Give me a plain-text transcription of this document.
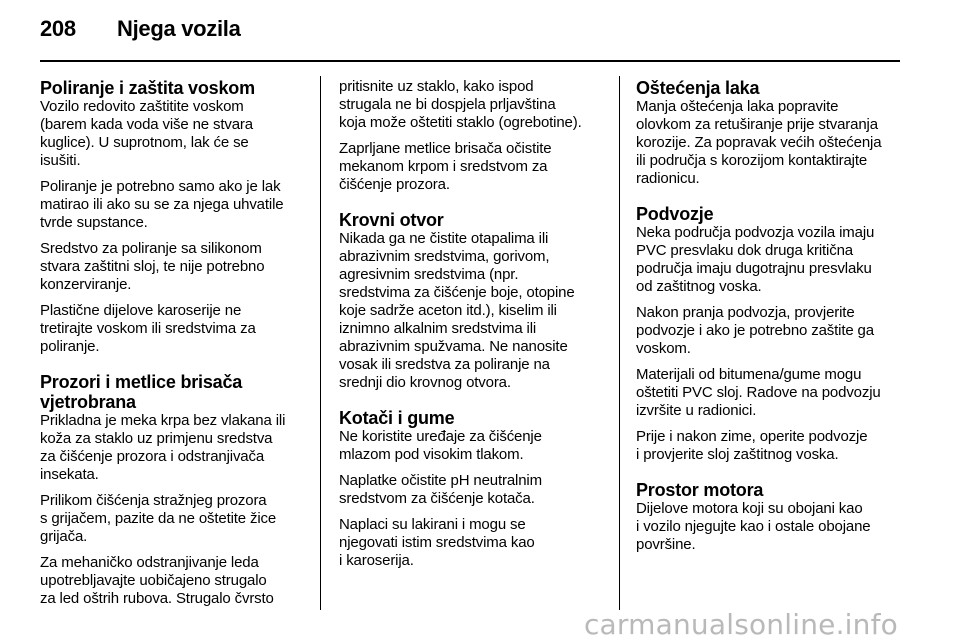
208 Njega vozila
Poliranje i zaštita voskom

Vozilo redovito zaštitite voskom
(barem kada voda više ne stvara
kuglice). U suprotnom, lak će se
isušiti.

Poliranje je potrebno samo ako je lak
matirao ili ako su se za njega uhvatile
tvrde supstance.

Sredstvo za poliranje sa silikonom
stvara zaštitni sloj, te nije potrebno
konzerviranje.

Plastične dijelove karoserije ne
tretirajte voskom ili sredstvima za
poliranje.

Prozori i metlice brisača
vjetrobrana

Prikladna je meka krpa bez vlakana ili
koža za staklo uz primjenu sredstva
za čišćenje prozora i odstranjivača
insekata.

Prilikom čišćenja stražnjeg prozora
s grijačem, pazite da ne oštetite žice
grijača.

Za mehaničko odstranjivanje leda
upotrebljavajte uobičajeno strugalo
za led oštrih rubova. Strugalo čvrsto

pritisnite uz staklo, kako ispod
strugala ne bi dospjela prljavština
koja može oštetiti staklo (ogrebotine).

Zaprljane metlice brisača očistite
mekanom krpom i sredstvom za
čišćenje prozora.

Krovni otvor

Nikada ga ne čistite otapalima ili
abrazivnim sredstvima, gorivom,
agresivnim sredstvima (npr.
sredstvima za čišćenje boje, otopine
koje sadrže aceton itd.), kiselim ili
iznimno alkalnim sredstvima ili
abrazivnim spužvama. Ne nanosite
vosak ili sredstva za poliranje na
srednji dio krovnog otvora.

Kotači i gume

Ne koristite uređaje za čišćenje
mlazom pod visokim tlakom.

Naplatke očistite pH neutralnim
sredstvom za čišćenje kotača.

Naplaci su lakirani i mogu se
njegovati istim sredstvima kao
i karoserija.

Oštećenja laka

Manja oštećenja laka popravite
olovkom za retuširanje prije stvaranja
korozije. Za popravak većih oštećenja
ili područja s korozijom kontaktirajte
radionicu.

Podvozje

Neka područja podvozja vozila imaju
PVC presvlaku dok druga kritična
područja imaju dugotrajnu presvlaku
od zaštitnog voska.

Nakon pranja podvozja, provjerite
podvozje i ako je potrebno zaštite ga
voskom.

Materijali od bitumena/gume mogu
oštetiti PVC sloj. Radove na podvozju
izvršite u radionici.

Prije i nakon zime, operite podvozje
i provjerite sloj zaštitnog voska.

Prostor motora

Dijelove motora koji su obojani kao
i vozilo njegujte kao i ostale obojane
površine.

carmanualsonline.info
